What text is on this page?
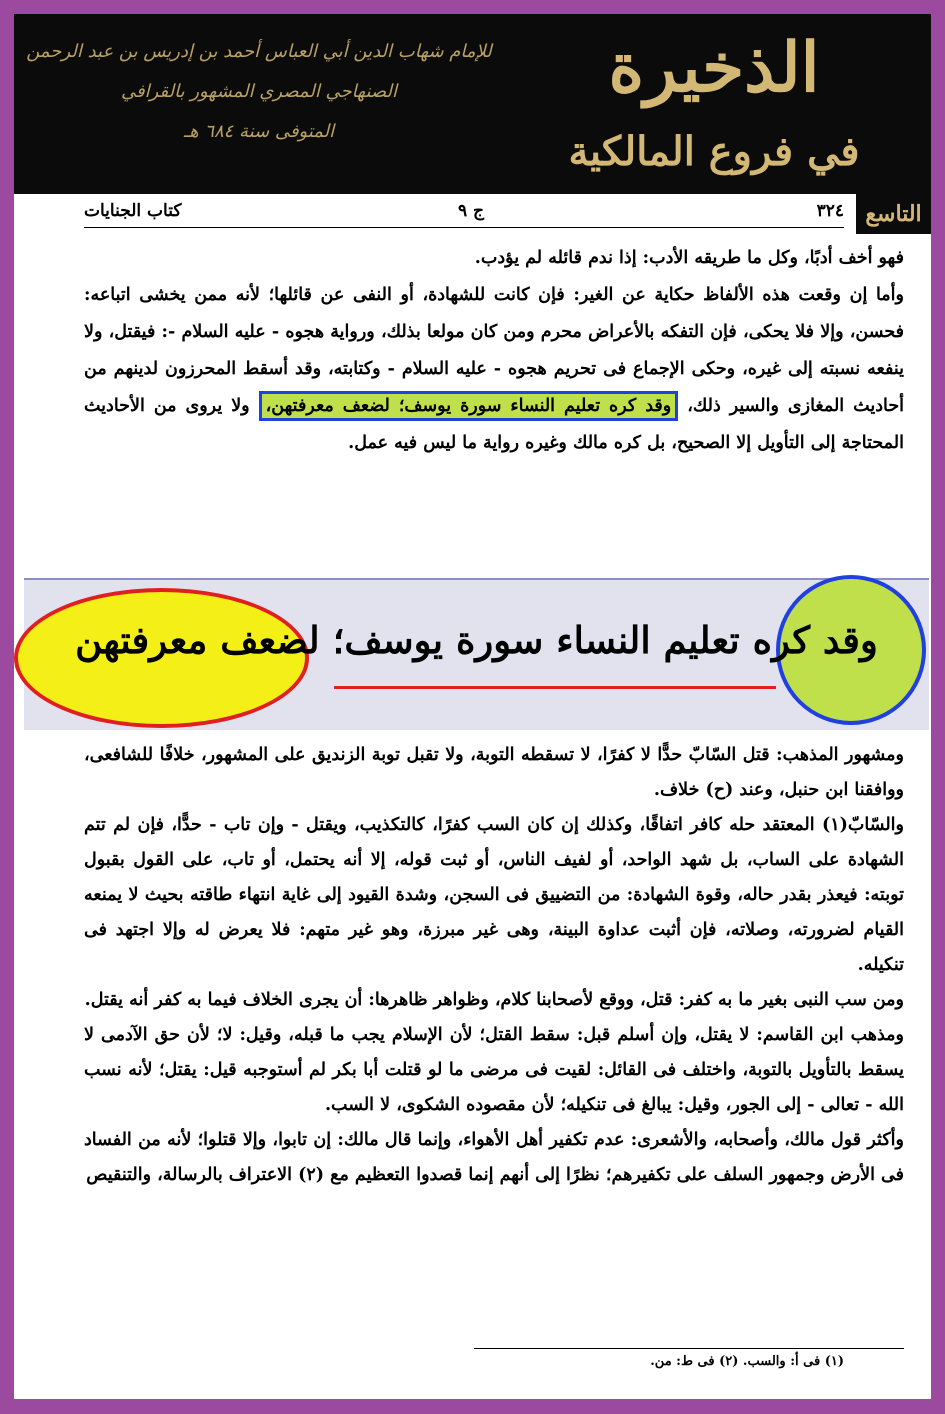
للإمام شهاب الدين أبي العباس أحمد بن إدريس بن عبد الرحمن
الصنهاجي المصري المشهور بالقرافي
المتوفى سنة ٦٨٤ هـ
الذخيرة
في فروع المالكية
التاسع
٣٢٤
ج ٩
كتاب الجنايات

فهو أخف أدبًا، وكل ما طريقه الأدب: إذا ندم قائله لم يؤدب.

وأما إن وقعت هذه الألفاظ حكاية عن الغير: فإن كانت للشهادة، أو النفى عن قائلها؛ لأنه ممن يخشى اتباعه: فحسن، وإلا فلا يحكى، فإن التفكه بالأعراض محرم ومن كان مولعا بذلك، ورواية هجوه - عليه السلام -: فيقتل، ولا ينفعه نسبته إلى غيره، وحكى الإجماع فى تحريم هجوه - عليه السلام - وكتابته، وقد أسقط المحرزون لدينهم من أحاديث المغازى والسير ذلك، وقد كره تعليم النساء سورة يوسف؛ لضعف معرفتهن، ولا يروى من الأحاديث المحتاجة إلى التأويل إلا الصحيح، بل كره مالك وغيره رواية ما ليس فيه عمل.

وقد كره تعليم النساء سورة يوسف؛ لضعف معرفتهن

ومشهور المذهب: قتل السّابّ حدًّا لا كفرًا، لا تسقطه التوبة، ولا تقبل توبة الزنديق على المشهور، خلافًا للشافعى، ووافقنا ابن حنبل، وعند (ح) خلاف.

والسّابّ(١) المعتقد حله كافر اتفاقًا، وكذلك إن كان السب كفرًا، كالتكذيب، ويقتل - وإن تاب - حدًّا، فإن لم تتم الشهادة على الساب، بل شهد الواحد، أو لفيف الناس، أو ثبت قوله، إلا أنه يحتمل، أو تاب، على القول بقبول توبته: فيعذر بقدر حاله، وقوة الشهادة: من التضييق فى السجن، وشدة القيود إلى غاية انتهاء طاقته بحيث لا يمنعه القيام لضرورته، وصلاته، فإن أثبت عداوة البينة، وهى غير مبرزة، وهو غير متهم: فلا يعرض له وإلا اجتهد فى تنكيله.

ومن سب النبى بغير ما به كفر: قتل، ووقع لأصحابنا كلام، وظواهر ظاهرها: أن يجرى الخلاف فيما به كفر أنه يقتل.

ومذهب ابن القاسم: لا يقتل، وإن أسلم قبل: سقط القتل؛ لأن الإسلام يجب ما قبله، وقيل: لا؛ لأن حق الآدمى لا يسقط بالتأويل بالتوبة، واختلف فى القائل: لقيت فى مرضى ما لو قتلت أبا بكر لم أستوجبه قيل: يقتل؛ لأنه نسب الله - تعالى - إلى الجور، وقيل: يبالغ فى تنكيله؛ لأن مقصوده الشكوى، لا السب.

وأكثر قول مالك، وأصحابه، والأشعرى: عدم تكفير أهل الأهواء، وإنما قال مالك: إن تابوا، وإلا قتلوا؛ لأنه من الفساد فى الأرض وجمهور السلف على تكفيرهم؛ نظرًا إلى أنهم إنما قصدوا التعظيم مع (٢) الاعتراف بالرسالة، والتنقيص

(١) فى أ: والسب. (٢) فى ط: من.
